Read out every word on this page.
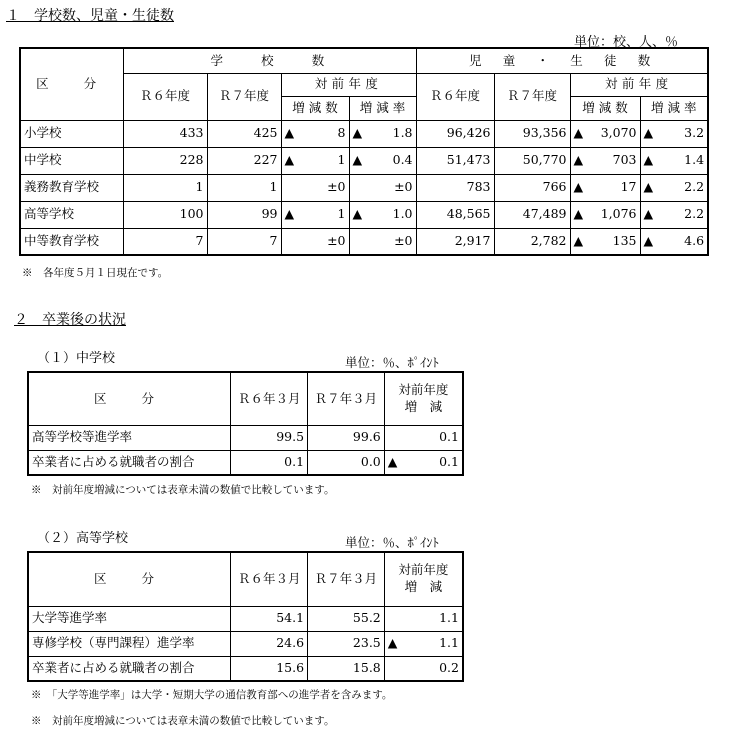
１　学校数、児童・生徒数
単位：校、人、％
区　分	学　　校　　数				児　童　・　生　徒　数			
	Ｒ６年度	Ｒ７年度	対前年度		Ｒ６年度	Ｒ７年度	対前年度	
			増 減 数	増 減 率			増 減 数	増 減 率
小学校	433	425	▲ 8	▲ 1.8	96,426	93,356	▲ 3,070	▲ 3.2

中学校	228	227	▲ 1	▲ 0.4	51,473	50,770	▲ 703	▲ 1.4

義務教育学校	1	1	±0	±0	783	766	▲ 17	▲ 2.2

高等学校	100	99	▲ 1	▲ 1.0	48,565	47,489	▲ 1,076	▲ 2.2

中等教育学校	7	7	±0	±0	2,917	2,782	▲ 135	▲ 4.6
※　各年度５月１日現在です。
２　卒業後の状況
（１）中学校	単位：％、ﾎﾟｲﾝﾄ
区　分	Ｒ６年３月	Ｒ７年３月	対前年度
増　減

高等学校等進学率	99.5	99.6	0.1

卒業者に占める就職者の割合	0.1	0.0	▲ 0.1
※　対前年度増減については表章未満の数値で比較しています。
（２）高等学校	単位：％、ﾎﾟｲﾝﾄ
区　分	Ｒ６年３月	Ｒ７年３月	対前年度
増　減

大学等進学率	54.1	55.2	1.1

専修学校（専門課程）進学率	24.6	23.5	▲ 1.1

卒業者に占める就職者の割合	15.6	15.8	0.2
※　「大学等進学率」は大学・短期大学の通信教育部への進学者を含みます。
※　対前年度増減については表章未満の数値で比較しています。
